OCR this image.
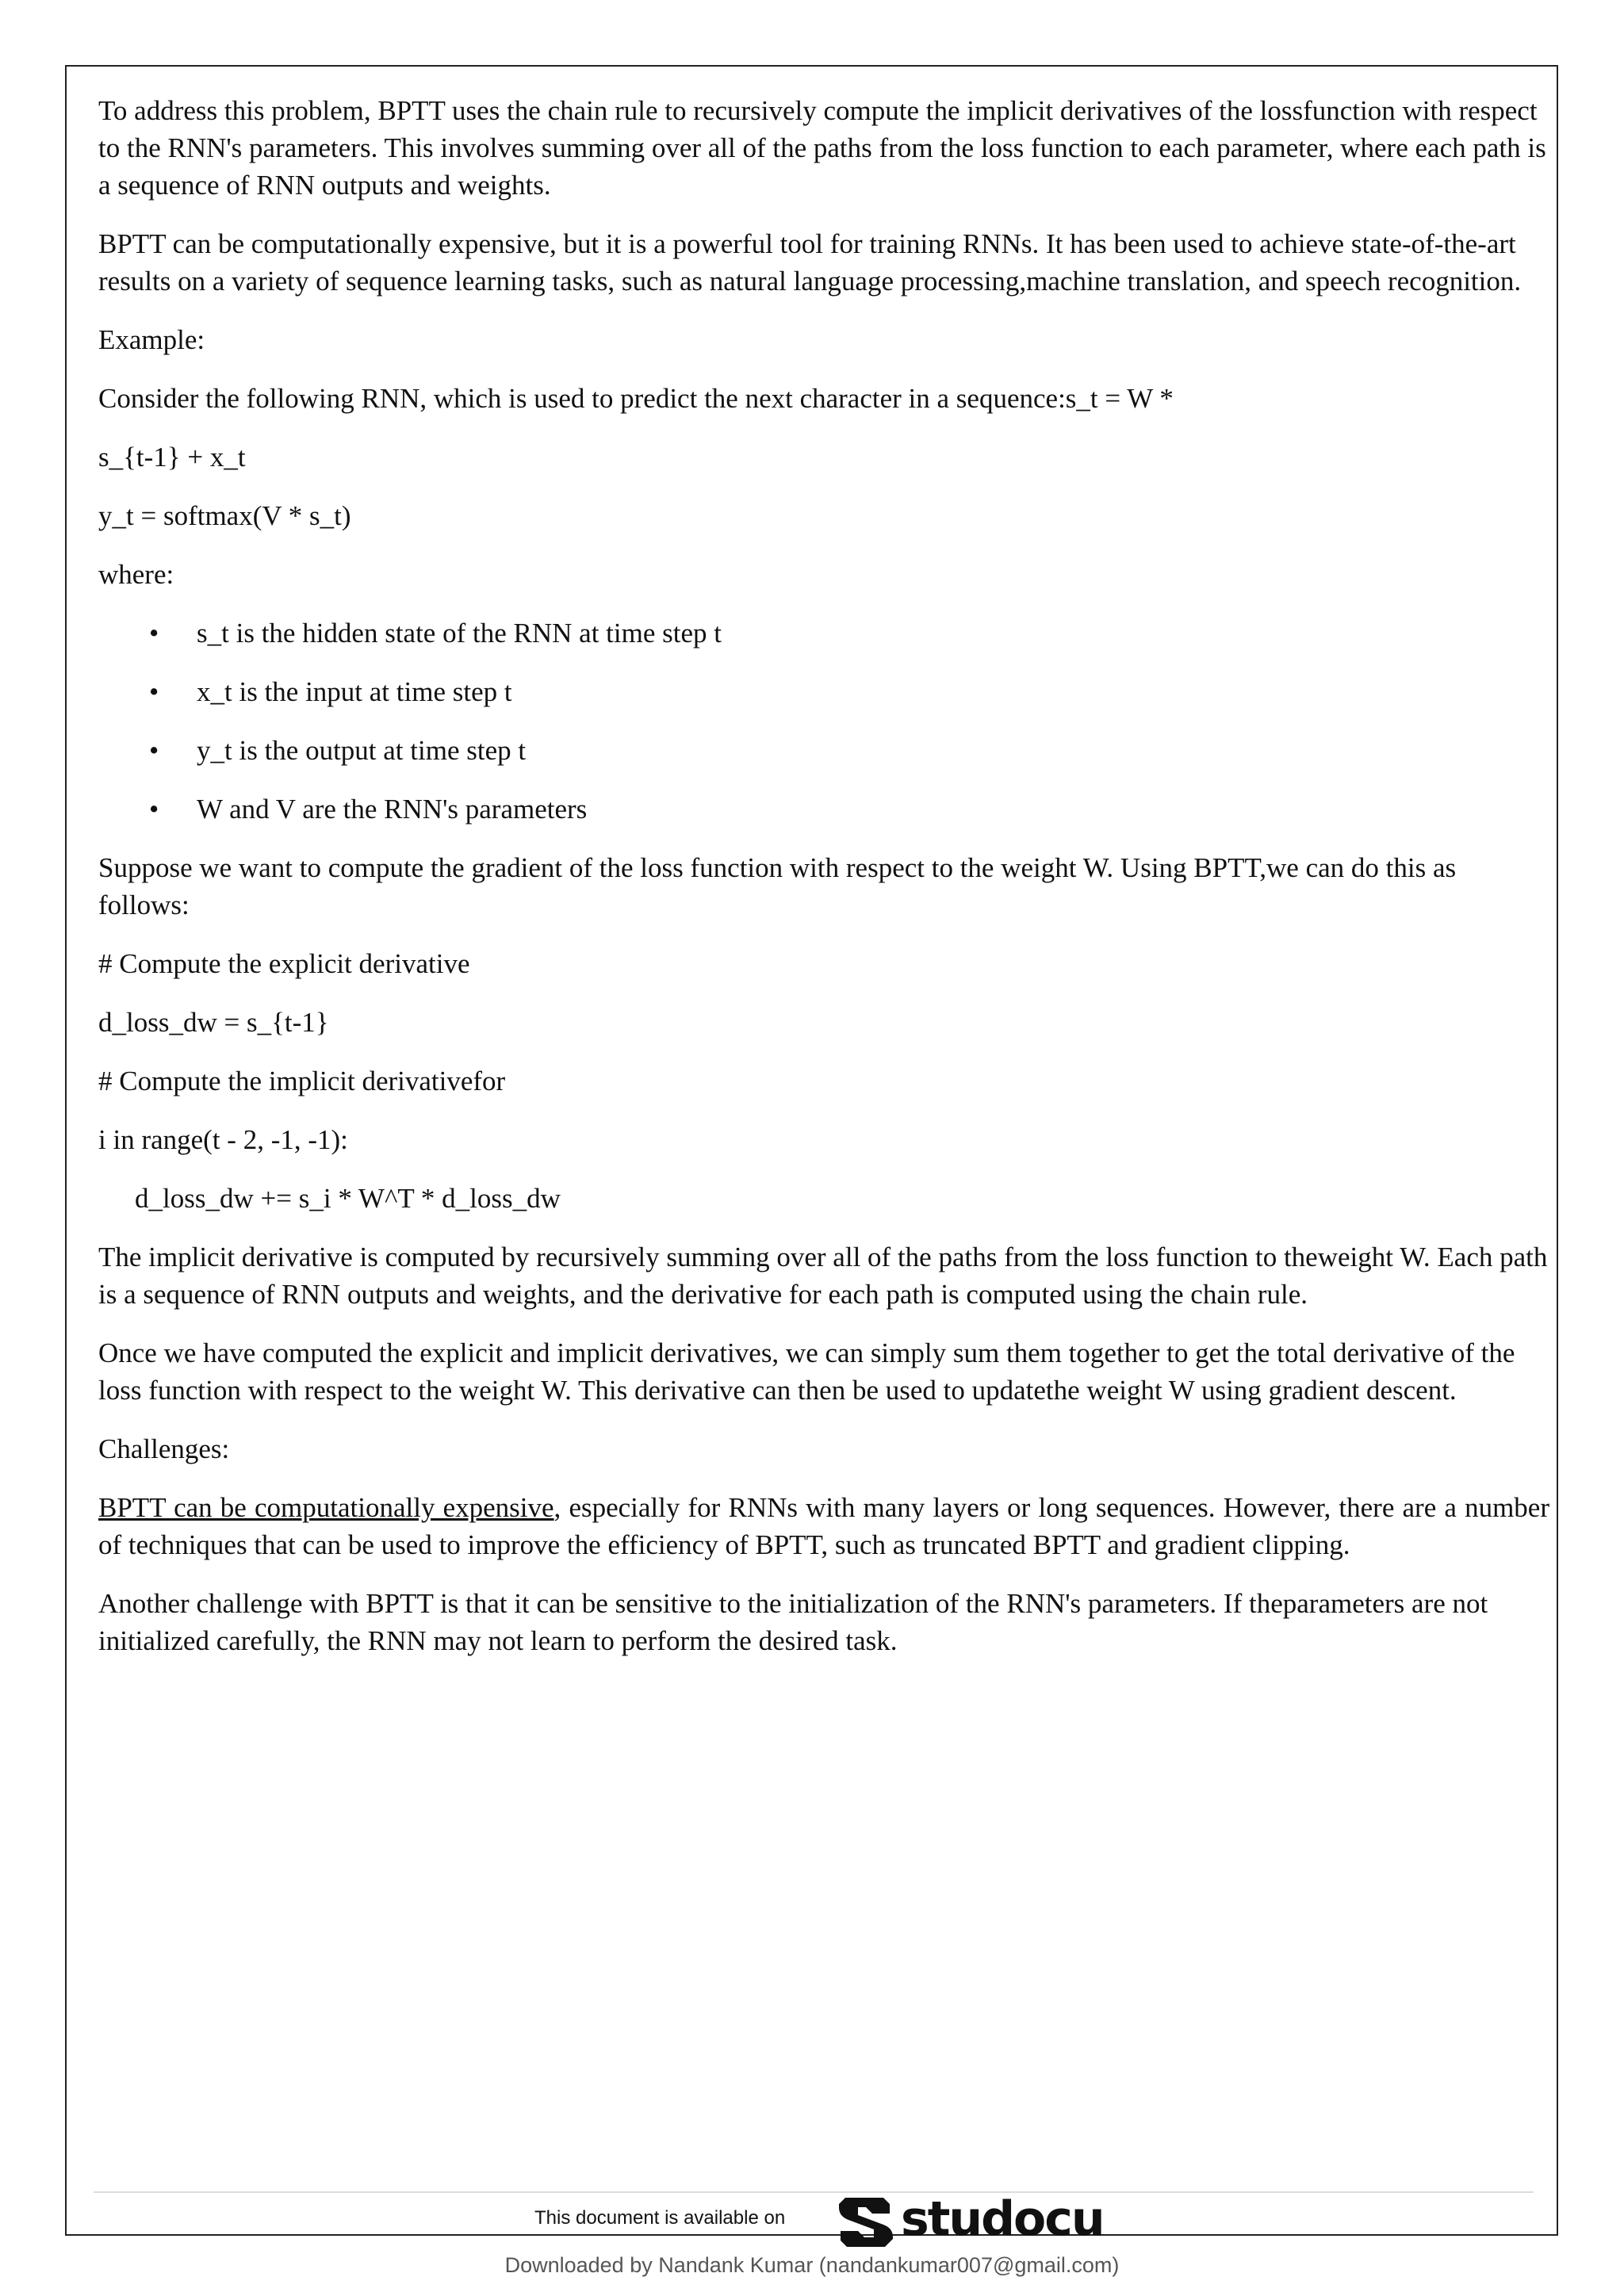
To address this problem, BPTT uses the chain rule to recursively compute the implicit derivatives of the lossfunction with respect to the RNN's parameters. This involves summing over all of the paths from the loss function to each parameter, where each path is a sequence of RNN outputs and weights.

BPTT can be computationally expensive, but it is a powerful tool for training RNNs. It has been used to achieve state-of-the-art results on a variety of sequence learning tasks, such as natural language processing,machine translation, and speech recognition.

Example:

Consider the following RNN, which is used to predict the next character in a sequence:s_t = W *

s_{t-1} + x_t

y_t = softmax(V * s_t)

where:

• s_t is the hidden state of the RNN at time step t
• x_t is the input at time step t
• y_t is the output at time step t
• W and V are the RNN's parameters

Suppose we want to compute the gradient of the loss function with respect to the weight W. Using BPTT,we can do this as follows:

# Compute the explicit derivative

d_loss_dw = s_{t-1}

# Compute the implicit derivativefor

i in range(t - 2, -1, -1):

d_loss_dw += s_i * W^T * d_loss_dw

The implicit derivative is computed by recursively summing over all of the paths from the loss function to theweight W. Each path is a sequence of RNN outputs and weights, and the derivative for each path is computed using the chain rule.

Once we have computed the explicit and implicit derivatives, we can simply sum them together to get the total derivative of the loss function with respect to the weight W. This derivative can then be used to updatethe weight W using gradient descent.

Challenges:

BPTT can be computationally expensive, especially for RNNs with many layers or long sequences. However, there are a number of techniques that can be used to improve the efficiency of BPTT, such as truncated BPTT and gradient clipping.

Another challenge with BPTT is that it can be sensitive to the initialization of the RNN's parameters. If theparameters are not initialized carefully, the RNN may not learn to perform the desired task.

This document is available on studocu
Downloaded by Nandank Kumar (nandankumar007@gmail.com)
